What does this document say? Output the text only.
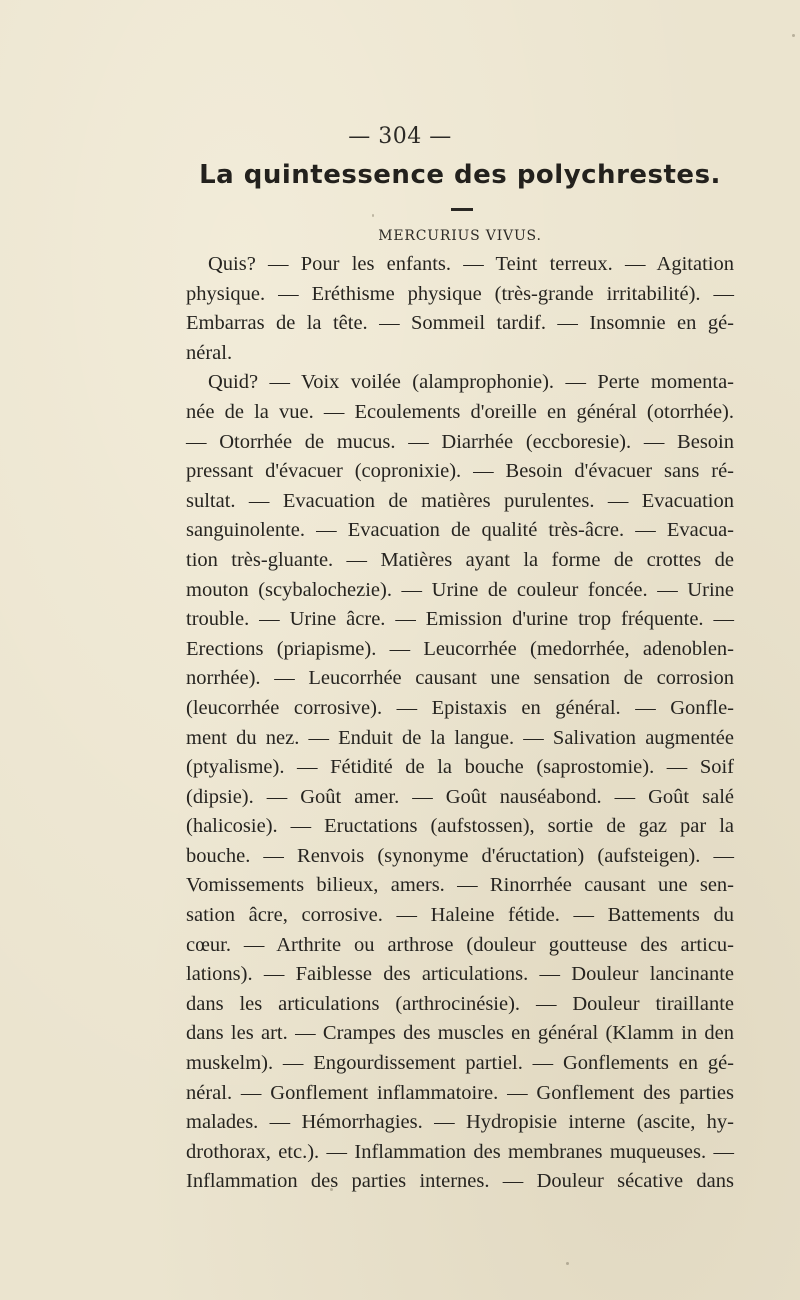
— 304 —
La quintessence des polychrestes.
MERCURIUS VIVUS.
Quis? — Pour les enfants. — Teint terreux. — Agitation
physique. — Eréthisme physique (très-grande irritabilité). —
Embarras de la tête. — Sommeil tardif. — Insomnie en gé-
néral.
Quid? — Voix voilée (alamprophonie). — Perte momenta-
née de la vue. — Ecoulements d'oreille en général (otorrhée).
— Otorrhée de mucus. — Diarrhée (eccboresie). — Besoin
pressant d'évacuer (copronixie). — Besoin d'évacuer sans ré-
sultat. — Evacuation de matières purulentes. — Evacuation
sanguinolente. — Evacuation de qualité très-âcre. — Evacua-
tion très-gluante. — Matières ayant la forme de crottes de
mouton (scybalochezie). — Urine de couleur foncée. — Urine
trouble. — Urine âcre. — Emission d'urine trop fréquente. —
Erections (priapisme). — Leucorrhée (medorrhée, adenoblen-
norrhée). — Leucorrhée causant une sensation de corrosion
(leucorrhée corrosive). — Epistaxis en général. — Gonfle-
ment du nez. — Enduit de la langue. — Salivation augmentée
(ptyalisme). — Fétidité de la bouche (saprostomie). — Soif
(dipsie). — Goût amer. — Goût nauséabond. — Goût salé
(halicosie). — Eructations (aufstossen), sortie de gaz par la
bouche. — Renvois (synonyme d'éructation) (aufsteigen). —
Vomissements bilieux, amers. — Rinorrhée causant une sen-
sation âcre, corrosive. — Haleine fétide. — Battements du
cœur. — Arthrite ou arthrose (douleur goutteuse des articu-
lations). — Faiblesse des articulations. — Douleur lancinante
dans les articulations (arthrocinésie). — Douleur tiraillante
dans les art. — Crampes des muscles en général (Klamm in den
muskelm). — Engourdissement partiel. — Gonflements en gé-
néral. — Gonflement inflammatoire. — Gonflement des parties
malades. — Hémorrhagies. — Hydropisie interne (ascite, hy-
drothorax, etc.). — Inflammation des membranes muqueuses. —
Inflammation des parties internes. — Douleur sécative dans
